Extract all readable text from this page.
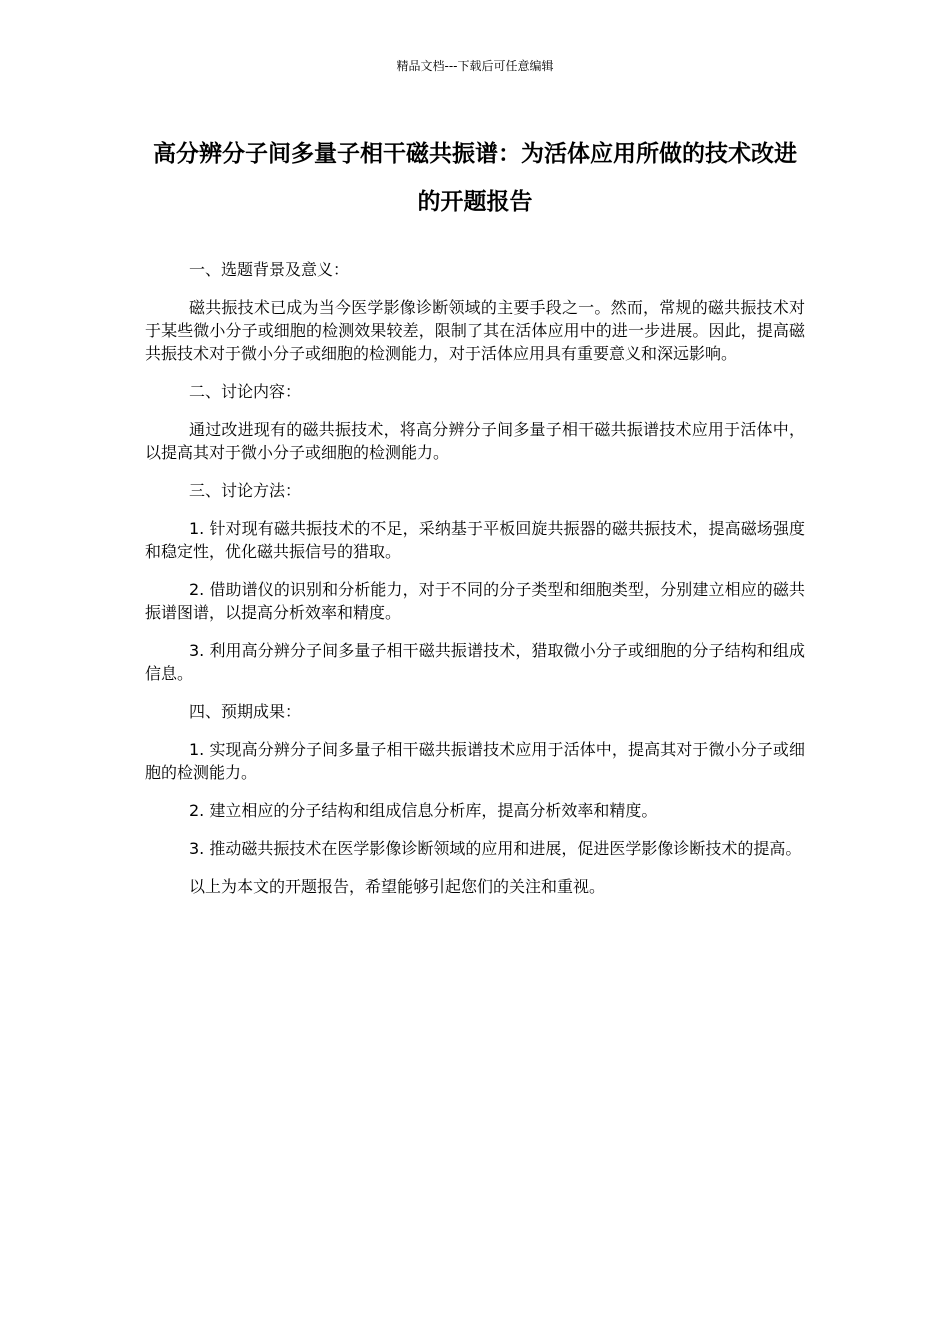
精品文档---下载后可任意编辑
高分辨分子间多量子相干磁共振谱：为活体应用所做的技术改进的开题报告

一、选题背景及意义：

磁共振技术已成为当今医学影像诊断领域的主要手段之一。然而，常规的磁共振技术对于某些微小分子或细胞的检测效果较差，限制了其在活体应用中的进一步进展。因此，提高磁共振技术对于微小分子或细胞的检测能力，对于活体应用具有重要意义和深远影响。

二、讨论内容：

通过改进现有的磁共振技术，将高分辨分子间多量子相干磁共振谱技术应用于活体中，以提高其对于微小分子或细胞的检测能力。

三、讨论方法：

1. 针对现有磁共振技术的不足，采纳基于平板回旋共振器的磁共振技术，提高磁场强度和稳定性，优化磁共振信号的猎取。

2. 借助谱仪的识别和分析能力，对于不同的分子类型和细胞类型，分别建立相应的磁共振谱图谱，以提高分析效率和精度。

3. 利用高分辨分子间多量子相干磁共振谱技术，猎取微小分子或细胞的分子结构和组成信息。

四、预期成果：

1. 实现高分辨分子间多量子相干磁共振谱技术应用于活体中，提高其对于微小分子或细胞的检测能力。

2. 建立相应的分子结构和组成信息分析库，提高分析效率和精度。

3. 推动磁共振技术在医学影像诊断领域的应用和进展，促进医学影像诊断技术的提高。

以上为本文的开题报告，希望能够引起您们的关注和重视。
